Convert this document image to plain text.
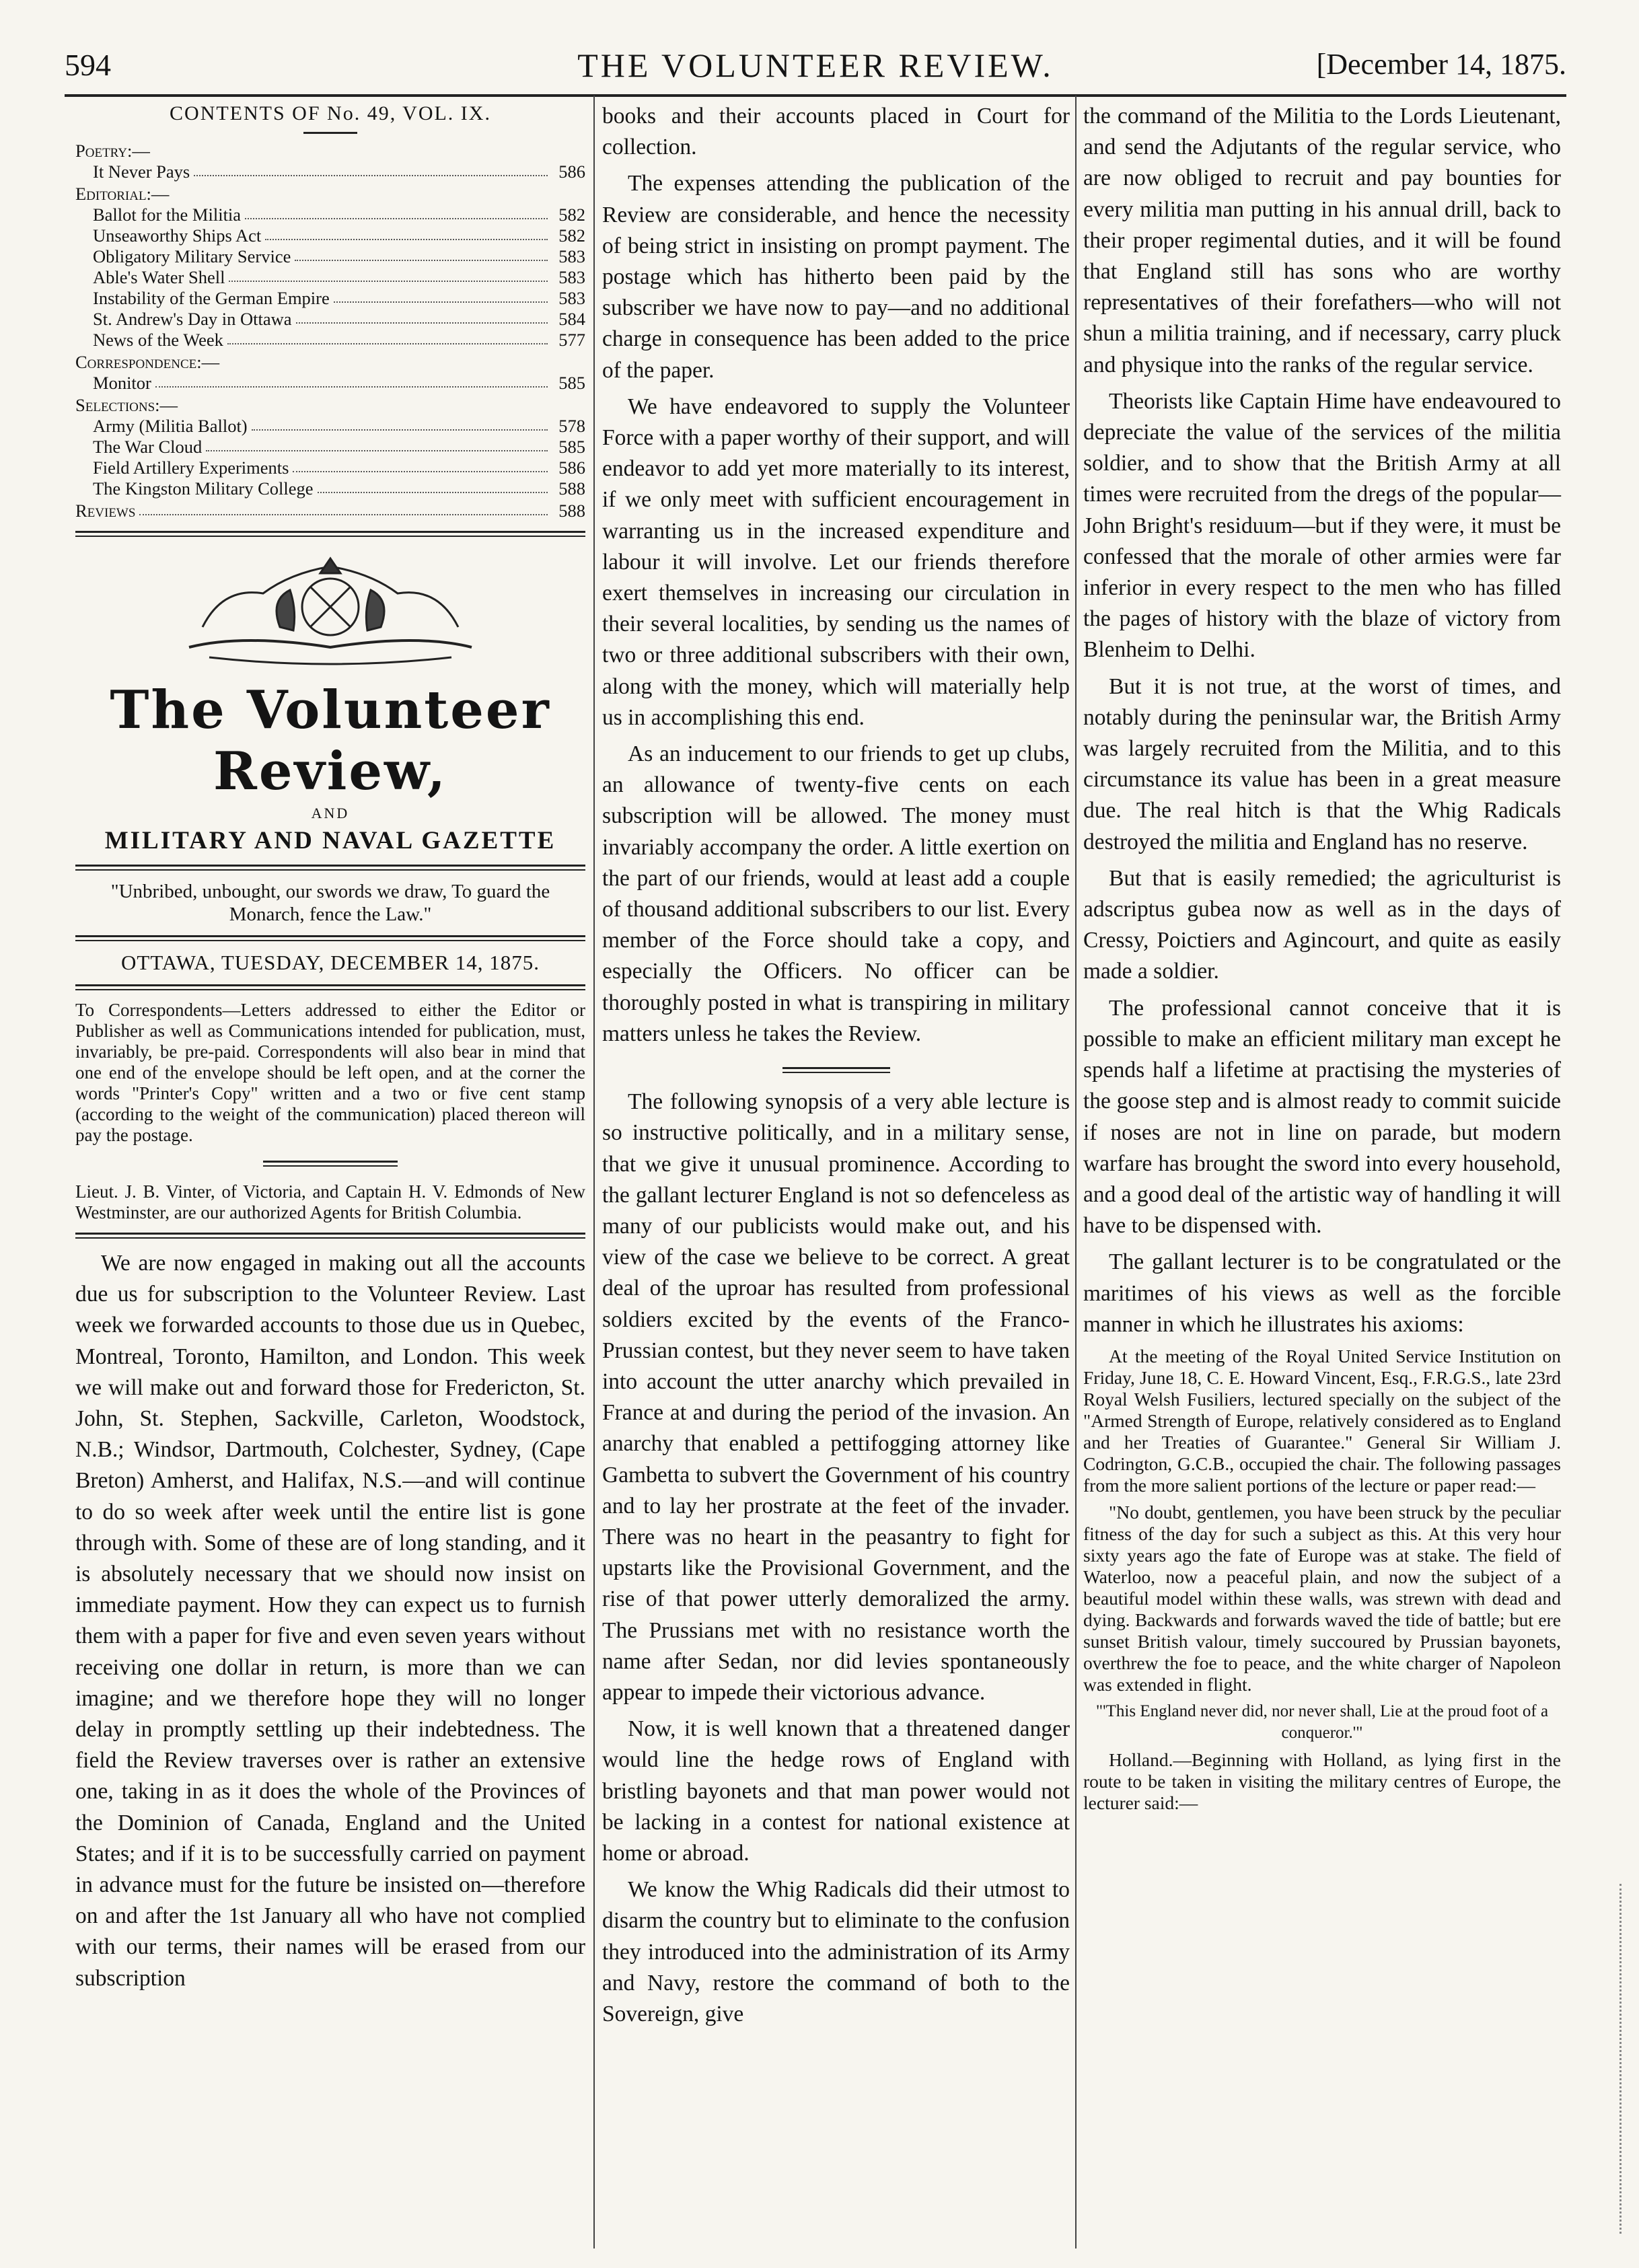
594	THE VOLUNTEER REVIEW.	[December 14, 1875.
CONTENTS OF No. 49, VOL. IX.
Poetry:—
It Never Pays	586
Editorial:—
Ballot for the Militia	582
Unseaworthy Ships Act	582
Obligatory Military Service	583
Able's Water Shell	583
Instability of the German Empire	583
St. Andrew's Day in Ottawa	584
News of the Week	577
Correspondence:—
Monitor	585
Selections:—
Army (Militia Ballot)	578
The War Cloud	585
Field Artillery Experiments	586
The Kingston Military College	588
Reviews	588
The Volunteer Review,
AND
MILITARY AND NAVAL GAZETTE
"Unbribed, unbought, our swords we draw, To guard the Monarch, fence the Law."
OTTAWA, TUESDAY, DECEMBER 14, 1875.
To Correspondents—Letters addressed to either the Editor or Publisher as well as Communications intended for publication, must, invariably, be pre-paid. Correspondents will also bear in mind that one end of the envelope should be left open, and at the corner the words "Printer's Copy" written and a two or five cent stamp (according to the weight of the communication) placed thereon will pay the postage.
Lieut. J. B. Vinter, of Victoria, and Captain H. V. Edmonds of New Westminster, are our authorized Agents for British Columbia.

We are now engaged in making out all the accounts due us for subscription to the Volunteer Review. Last week we forwarded accounts to those due us in Quebec, Montreal, Toronto, Hamilton, and London. This week we will make out and forward those for Fredericton, St. John, St. Stephen, Sackville, Carleton, Woodstock, N.B.; Windsor, Dartmouth, Colchester, Sydney, (Cape Breton) Amherst, and Halifax, N.S.—and will continue to do so week after week until the entire list is gone through with. Some of these are of long standing, and it is absolutely necessary that we should now insist on immediate payment. How they can expect us to furnish them with a paper for five and even seven years without receiving one dollar in return, is more than we can imagine; and we therefore hope they will no longer delay in promptly settling up their indebtedness. The field the Review traverses over is rather an extensive one, taking in as it does the whole of the Provinces of the Dominion of Canada, England and the United States; and if it is to be successfully carried on payment in advance must for the future be insisted on—therefore on and after the 1st January all who have not complied with our terms, their names will be erased from our subscription

books and their accounts placed in Court for collection.

The expenses attending the publication of the Review are considerable, and hence the necessity of being strict in insisting on prompt payment. The postage which has hitherto been paid by the subscriber we have now to pay—and no additional charge in consequence has been added to the price of the paper.

We have endeavored to supply the Volunteer Force with a paper worthy of their support, and will endeavor to add yet more materially to its interest, if we only meet with sufficient encouragement in warranting us in the increased expenditure and labour it will involve. Let our friends therefore exert themselves in increasing our circulation in their several localities, by sending us the names of two or three additional subscribers with their own, along with the money, which will materially help us in accomplishing this end.

As an inducement to our friends to get up clubs, an allowance of twenty-five cents on each subscription will be allowed. The money must invariably accompany the order. A little exertion on the part of our friends, would at least add a couple of thousand additional subscribers to our list. Every member of the Force should take a copy, and especially the Officers. No officer can be thoroughly posted in what is transpiring in military matters unless he takes the Review.

The following synopsis of a very able lecture is so instructive politically, and in a military sense, that we give it unusual prominence. According to the gallant lecturer England is not so defenceless as many of our publicists would make out, and his view of the case we believe to be correct. A great deal of the uproar has resulted from professional soldiers excited by the events of the Franco-Prussian contest, but they never seem to have taken into account the utter anarchy which prevailed in France at and during the period of the invasion. An anarchy that enabled a pettifogging attorney like Gambetta to subvert the Government of his country and to lay her prostrate at the feet of the invader. There was no heart in the peasantry to fight for upstarts like the Provisional Government, and the rise of that power utterly demoralized the army. The Prussians met with no resistance worth the name after Sedan, nor did levies spontaneously appear to impede their victorious advance.

Now, it is well known that a threatened danger would line the hedge rows of England with bristling bayonets and that man power would not be lacking in a contest for national existence at home or abroad.

We know the Whig Radicals did their utmost to disarm the country but to eliminate to the confusion they introduced into the administration of its Army and Navy, restore the command of both to the Sovereign, give

the command of the Militia to the Lords Lieutenant, and send the Adjutants of the regular service, who are now obliged to recruit and pay bounties for every militia man putting in his annual drill, back to their proper regimental duties, and it will be found that England still has sons who are worthy representatives of their forefathers—who will not shun a militia training, and if necessary, carry pluck and physique into the ranks of the regular service.

Theorists like Captain Hime have endeavoured to depreciate the value of the services of the militia soldier, and to show that the British Army at all times were recruited from the dregs of the popular—John Bright's residuum—but if they were, it must be confessed that the morale of other armies were far inferior in every respect to the men who has filled the pages of history with the blaze of victory from Blenheim to Delhi.

But it is not true, at the worst of times, and notably during the peninsular war, the British Army was largely recruited from the Militia, and to this circumstance its value has been in a great measure due. The real hitch is that the Whig Radicals destroyed the militia and England has no reserve.

But that is easily remedied; the agriculturist is adscriptus gubea now as well as in the days of Cressy, Poictiers and Agincourt, and quite as easily made a soldier.

The professional cannot conceive that it is possible to make an efficient military man except he spends half a lifetime at practising the mysteries of the goose step and is almost ready to commit suicide if noses are not in line on parade, but modern warfare has brought the sword into every household, and a good deal of the artistic way of handling it will have to be dispensed with.

The gallant lecturer is to be congratulated or the maritimes of his views as well as the forcible manner in which he illustrates his axioms:

At the meeting of the Royal United Service Institution on Friday, June 18, C. E. Howard Vincent, Esq., F.R.G.S., late 23rd Royal Welsh Fusiliers, lectured specially on the subject of the "Armed Strength of Europe, relatively considered as to England and her Treaties of Guarantee." General Sir William J. Codrington, G.C.B., occupied the chair. The following passages from the more salient portions of the lecture or paper read:—

"No doubt, gentlemen, you have been struck by the peculiar fitness of the day for such a subject as this. At this very hour sixty years ago the fate of Europe was at stake. The field of Waterloo, now a peaceful plain, and now the subject of a beautiful model within these walls, was strewn with dead and dying. Backwards and forwards waved the tide of battle; but ere sunset British valour, timely succoured by Prussian bayonets, overthrew the foe to peace, and the white charger of Napoleon was extended in flight.

"'This England never did, nor never shall, Lie at the proud foot of a conqueror.'"

Holland.—Beginning with Holland, as lying first in the route to be taken in visiting the military centres of Europe, the lecturer said:—
